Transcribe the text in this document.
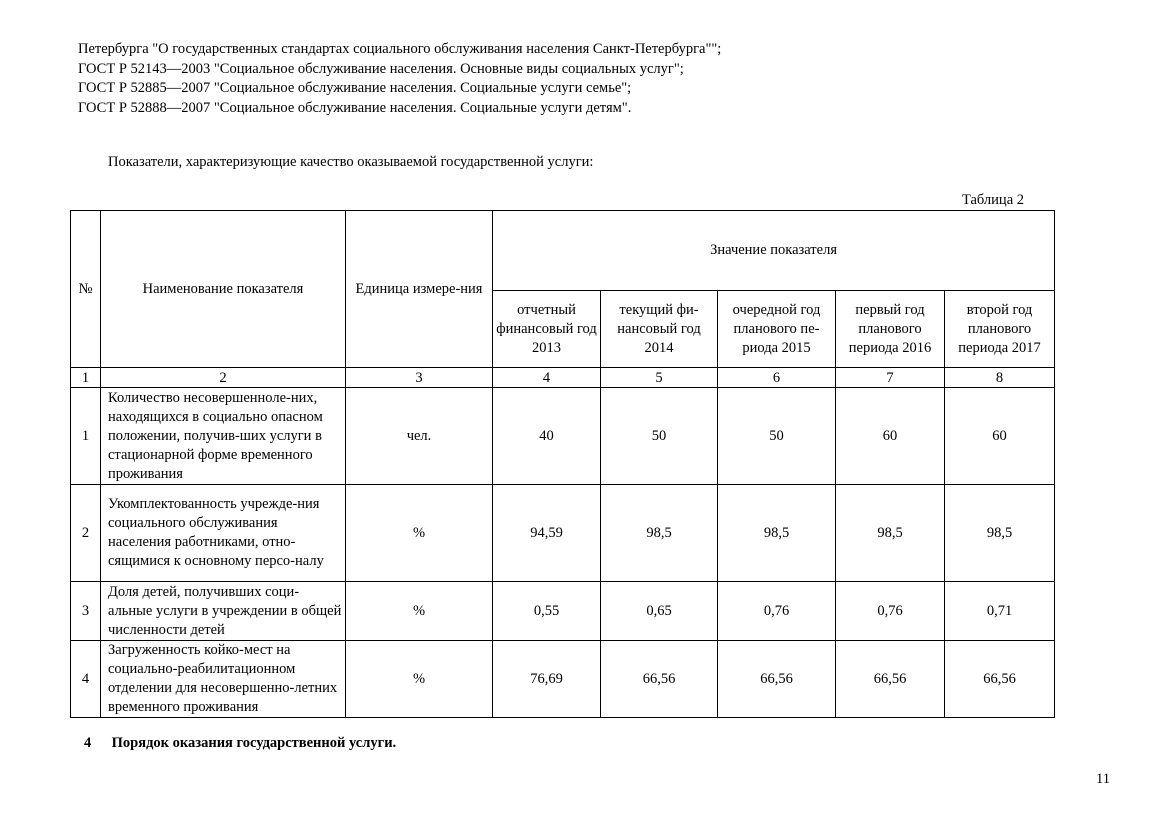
Петербурга "О государственных стандартах социального обслуживания населения Санкт-Петербурга"";
ГОСТ Р 52143—2003 "Социальное обслуживание населения. Основные виды социальных услуг";
ГОСТ Р 52885—2007 "Социальное обслуживание населения. Социальные услуги семье";
ГОСТ Р 52888—2007 "Социальное обслуживание населения. Социальные услуги детям".
Показатели, характеризующие качество оказываемой государственной услуги:
Таблица 2
№	Наименование показателя	Единица измере-ния	Значение показателя				
			отчетный финансовый год 2013	текущий фи-нансовый год 2014	очередной год планового пе-риода 2015	первый год планового периода 2016	второй год планового периода 2017
1	2	3	4	5	6	7	8
1	Количество несовершенноле-них, находящихся в социально опасном положении, получив-ших услуги в стационарной форме временного проживания	чел.	40	50	50	60	60
2	Укомплектованность учрежде-ния социального обслуживания населения работниками, отно-сящимися к основному персо-налу	%	94,59	98,5	98,5	98,5	98,5
3	Доля детей, получивших соци-альные услуги в учреждении в общей численности детей	%	0,55	0,65	0,76	0,76	0,71
4	Загруженность койко-мест на социально-реабилитационном отделении для несовершенно-летних временного проживания	%	76,69	66,56	66,56	66,56	66,56
4 Порядок оказания государственной услуги.
11
